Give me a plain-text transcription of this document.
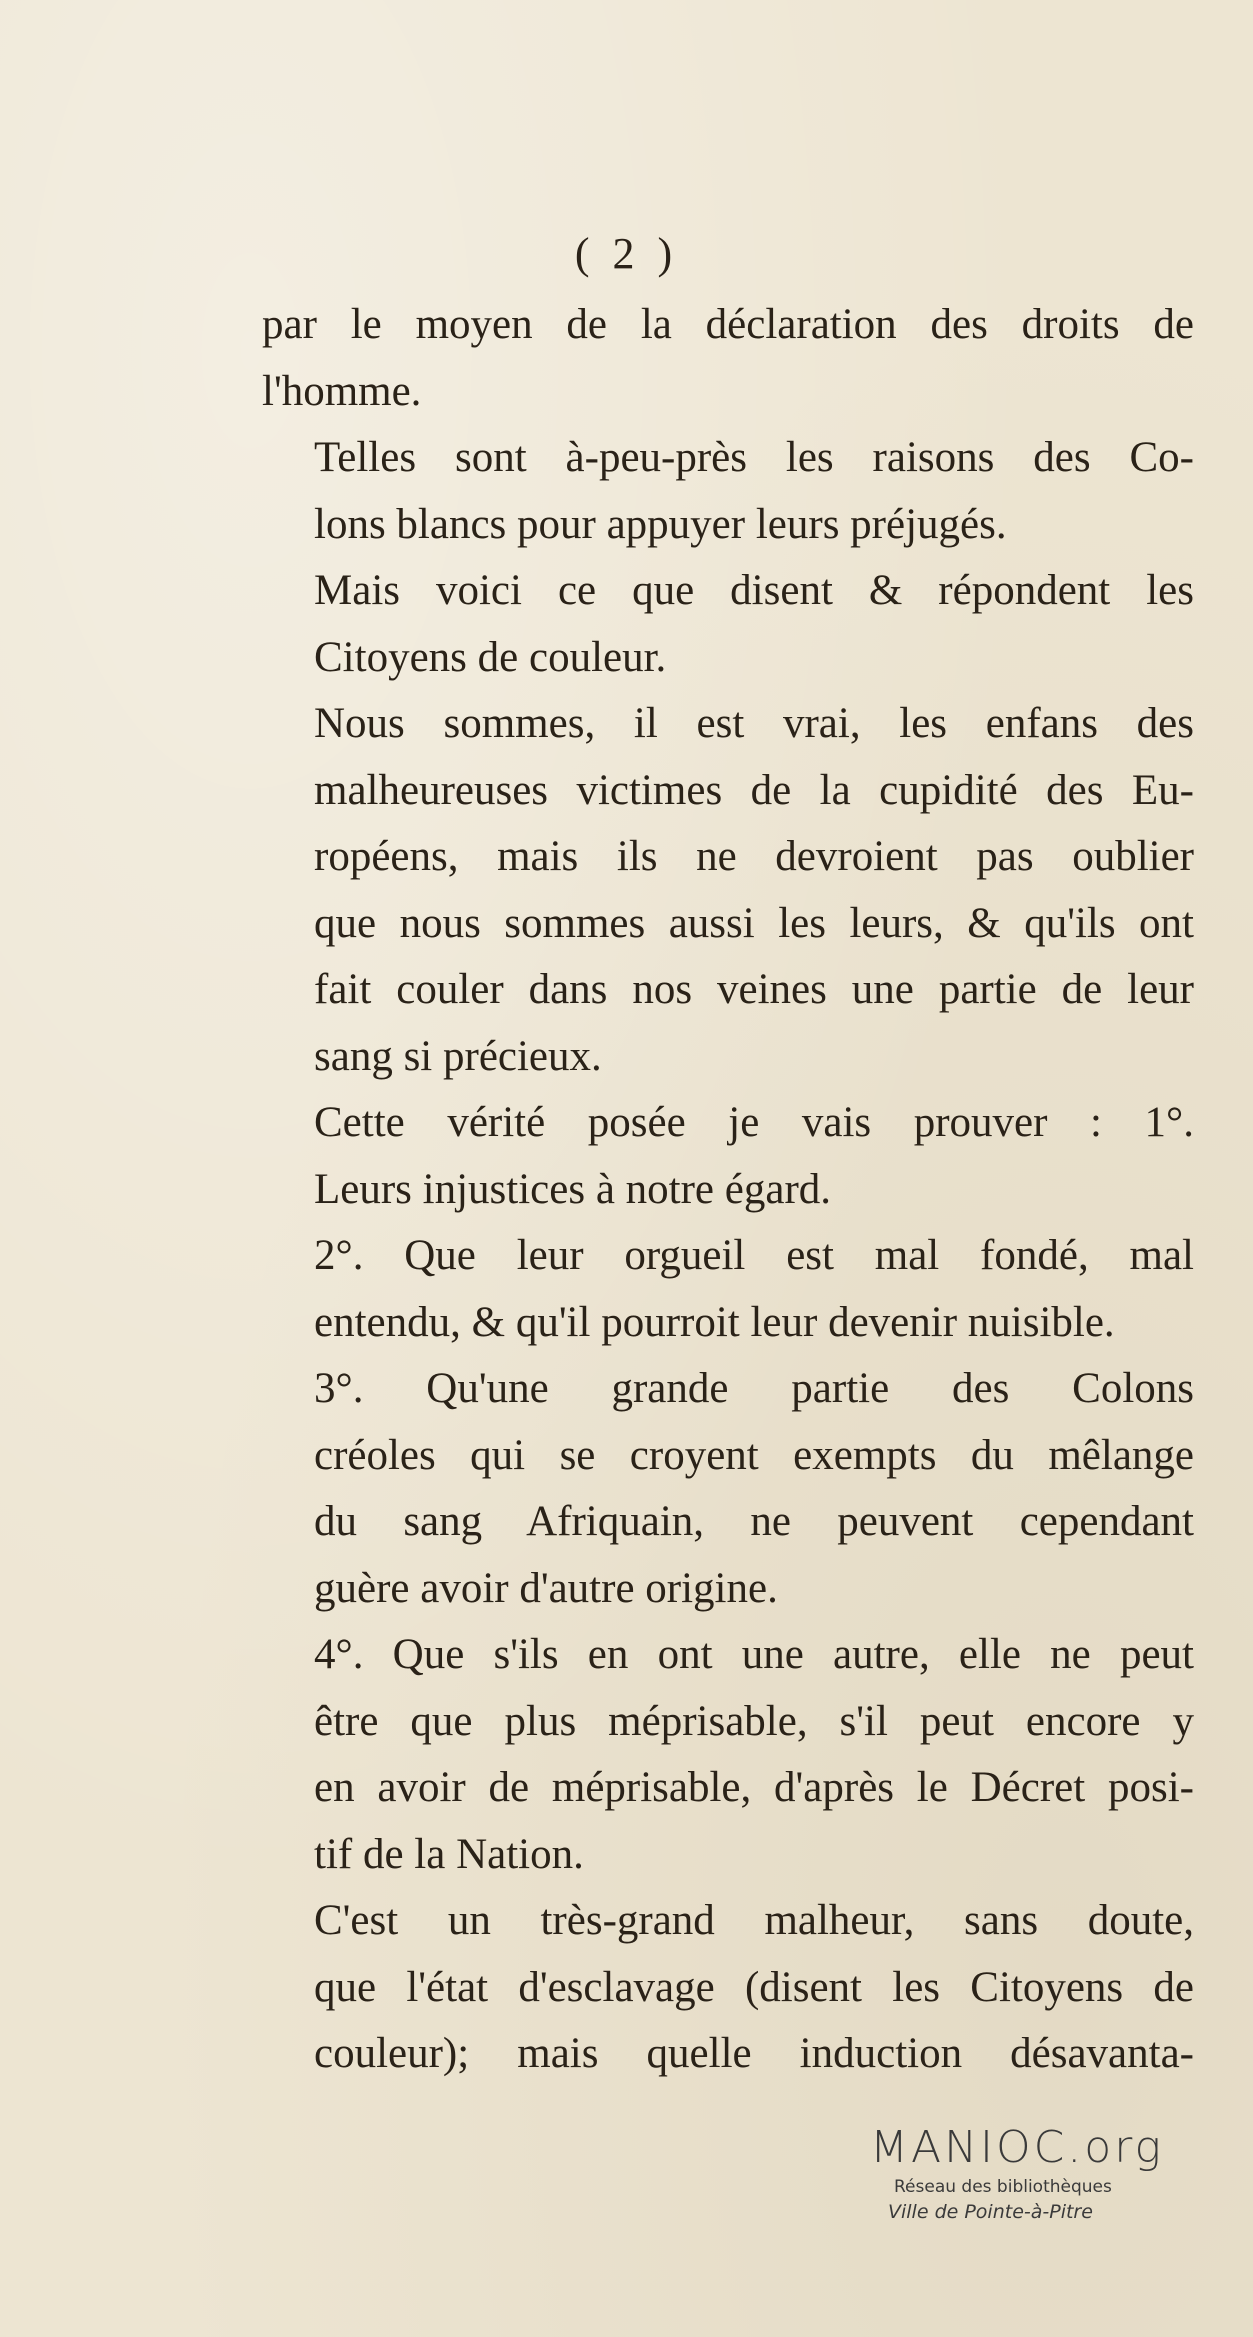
( 2 )

par le moyen de la déclaration des droits de
l'homme.

Telles sont à-peu-près les raisons des Co-
lons blancs pour appuyer leurs préjugés.

Mais voici ce que disent & répondent les
Citoyens de couleur.

Nous sommes, il est vrai, les enfans des
malheureuses victimes de la cupidité des Eu-
ropéens, mais ils ne devroient pas oublier
que nous sommes aussi les leurs, & qu'ils ont
fait couler dans nos veines une partie de leur
sang si précieux.

Cette vérité posée je vais prouver : 1°.
Leurs injustices à notre égard.

2°. Que leur orgueil est mal fondé, mal
entendu, & qu'il pourroit leur devenir nuisible.

3°. Qu'une grande partie des Colons
créoles qui se croyent exempts du mêlange
du sang Afriquain, ne peuvent cependant
guère avoir d'autre origine.

4°. Que s'ils en ont une autre, elle ne peut
être que plus méprisable, s'il peut encore y
en avoir de méprisable, d'après le Décret posi-
tif de la Nation.

C'est un très-grand malheur, sans doute,
que l'état d'esclavage (disent les Citoyens de
couleur); mais quelle induction désavanta-

MANIOC.org
Réseau des bibliothèques
Ville de Pointe-à-Pitre
